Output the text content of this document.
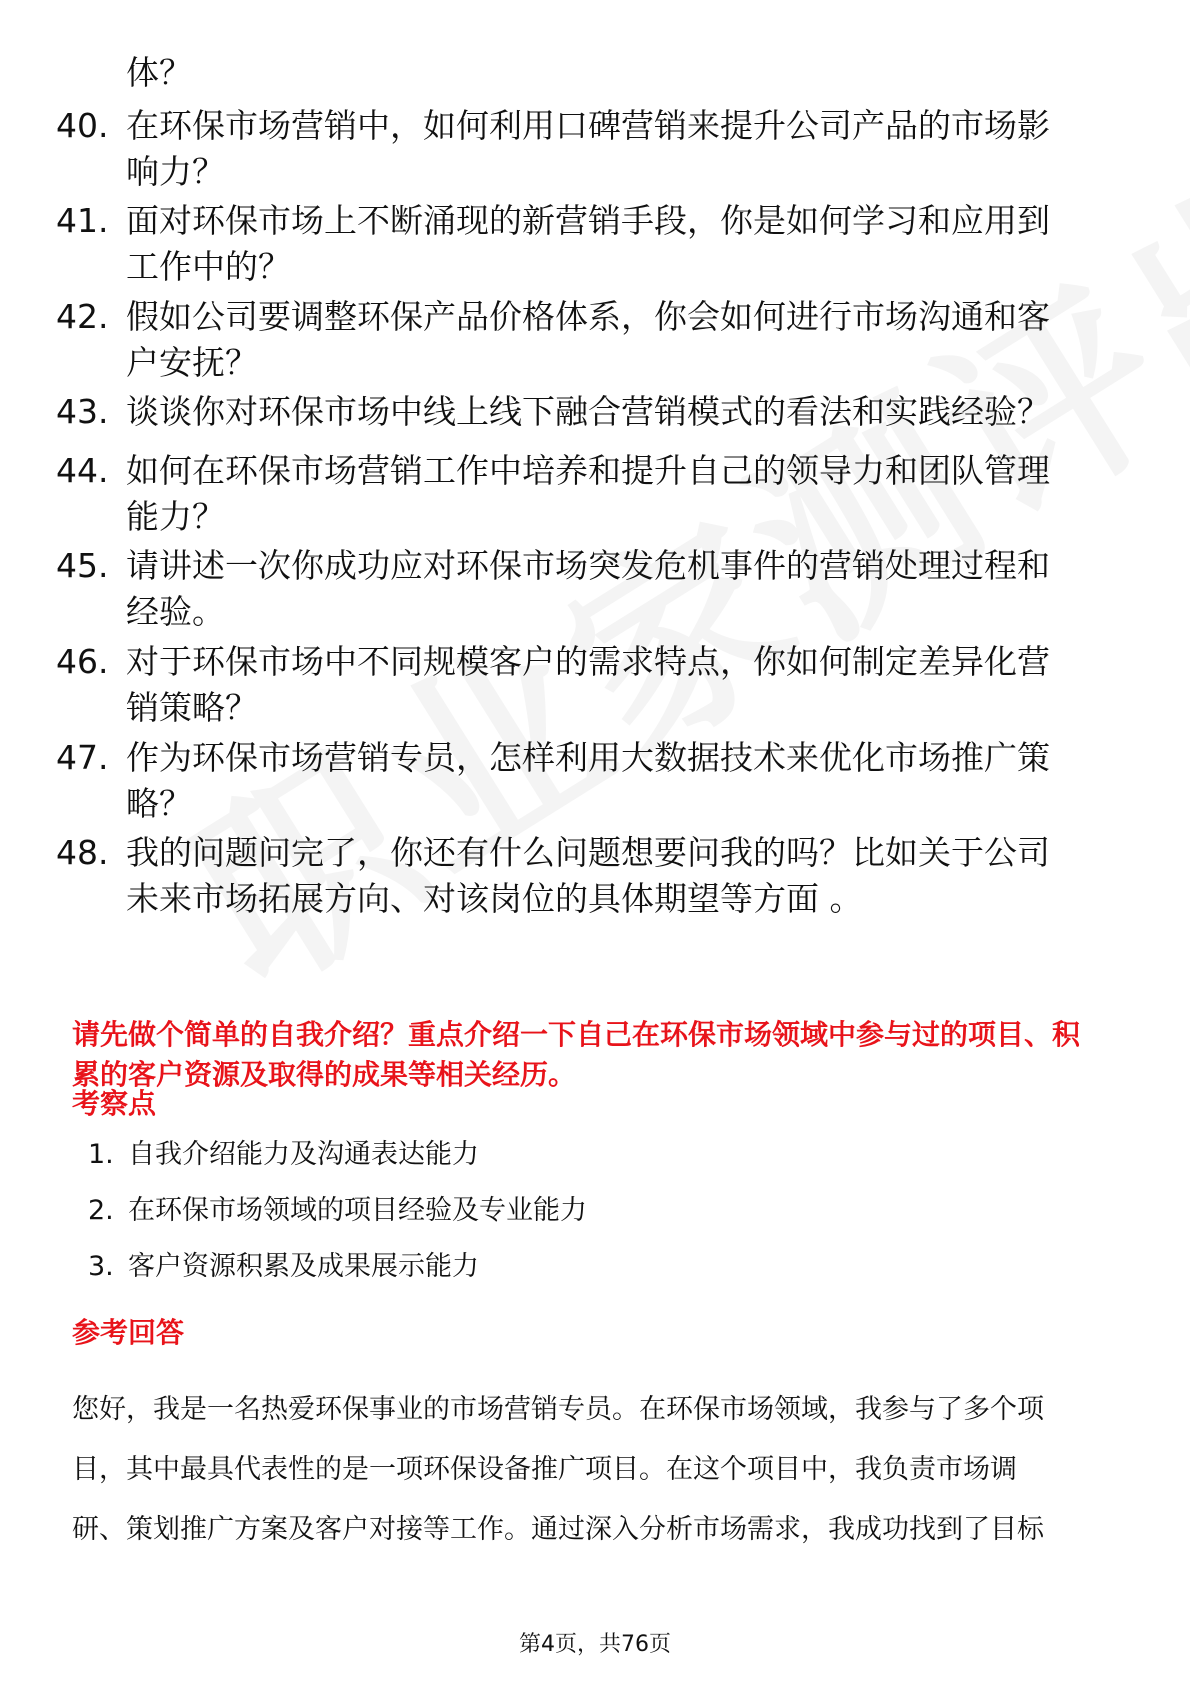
体？
40. 在环保市场营销中，如何利用口碑营销来提升公司产品的市场影
响力？
41. 面对环保市场上不断涌现的新营销手段，你是如何学习和应用到
工作中的？
42. 假如公司要调整环保产品价格体系，你会如何进行市场沟通和客
户安抚？
43. 谈谈你对环保市场中线上线下融合营销模式的看法和实践经验？
44. 如何在环保市场营销工作中培养和提升自己的领导力和团队管理
能力？
45. 请讲述一次你成功应对环保市场突发危机事件的营销处理过程和
经验。
46. 对于环保市场中不同规模客户的需求特点，你如何制定差异化营
销策略？
47. 作为环保市场营销专员，怎样利用大数据技术来优化市场推广策
略？
48. 我的问题问完了，你还有什么问题想要问我的吗？比如关于公司
未来市场拓展方向、对该岗位的具体期望等方面 。
请先做个简单的自我介绍？重点介绍一下自己在环保市场领域中参与过的项目、积
累的客户资源及取得的成果等相关经历。
考察点
1. 自我介绍能力及沟通表达能力
2. 在环保市场领域的项目经验及专业能力
3. 客户资源积累及成果展示能力
参考回答
您好，我是一名热爱环保事业的市场营销专员。在环保市场领域，我参与了多个项
目，其中最具代表性的是一项环保设备推广项目。在这个项目中，我负责市场调
研、策划推广方案及客户对接等工作。通过深入分析市场需求，我成功找到了目标
第4页，共76页
